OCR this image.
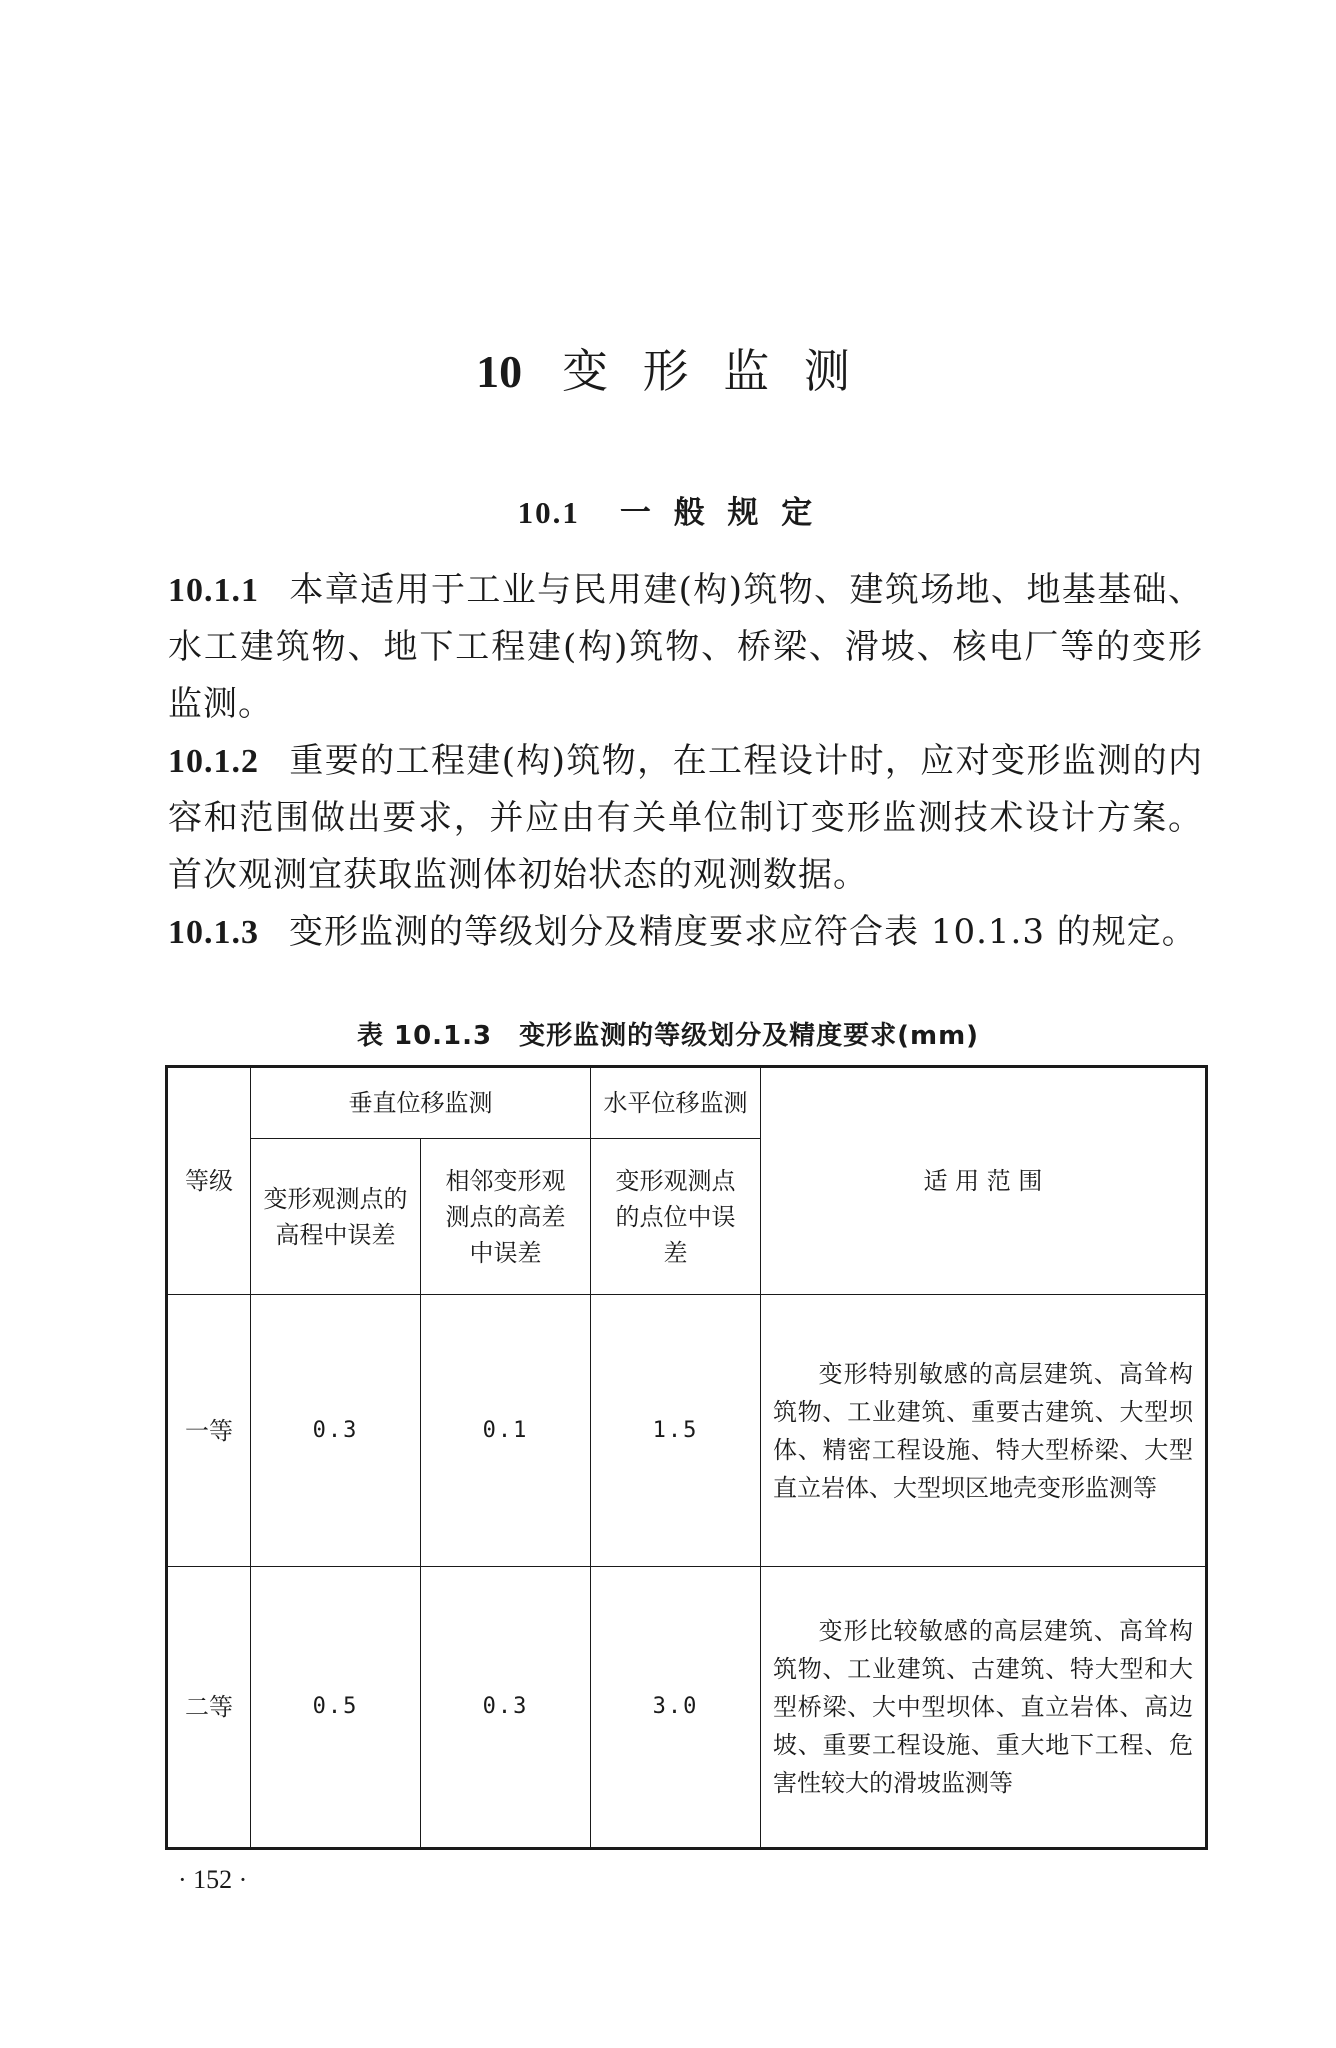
10 变 形 监 测
10.1 一 般 规 定

10.1.1 本章适用于工业与民用建(构)筑物、建筑场地、地基基础、水工建筑物、地下工程建(构)筑物、桥梁、滑坡、核电厂等的变形监测。

10.1.2 重要的工程建(构)筑物，在工程设计时，应对变形监测的内容和范围做出要求，并应由有关单位制订变形监测技术设计方案。首次观测宜获取监测体初始状态的观测数据。

10.1.3 变形监测的等级划分及精度要求应符合表 10.1.3 的规定。

表 10.1.3　变形监测的等级划分及精度要求(mm)
等级	垂直位移监测		水平位移监测	适 用 范 围
	变形观测点的高程中误差	相邻变形观测点的高差中误差	变形观测点的点位中误差	
一等	0.3	0.1	1.5	变形特别敏感的高层建筑、高耸构筑物、工业建筑、重要古建筑、大型坝体、精密工程设施、特大型桥梁、大型直立岩体、大型坝区地壳变形监测等

二等	0.5	0.3	3.0	变形比较敏感的高层建筑、高耸构筑物、工业建筑、古建筑、特大型和大型桥梁、大中型坝体、直立岩体、高边坡、重要工程设施、重大地下工程、危害性较大的滑坡监测等
· 152 ·
